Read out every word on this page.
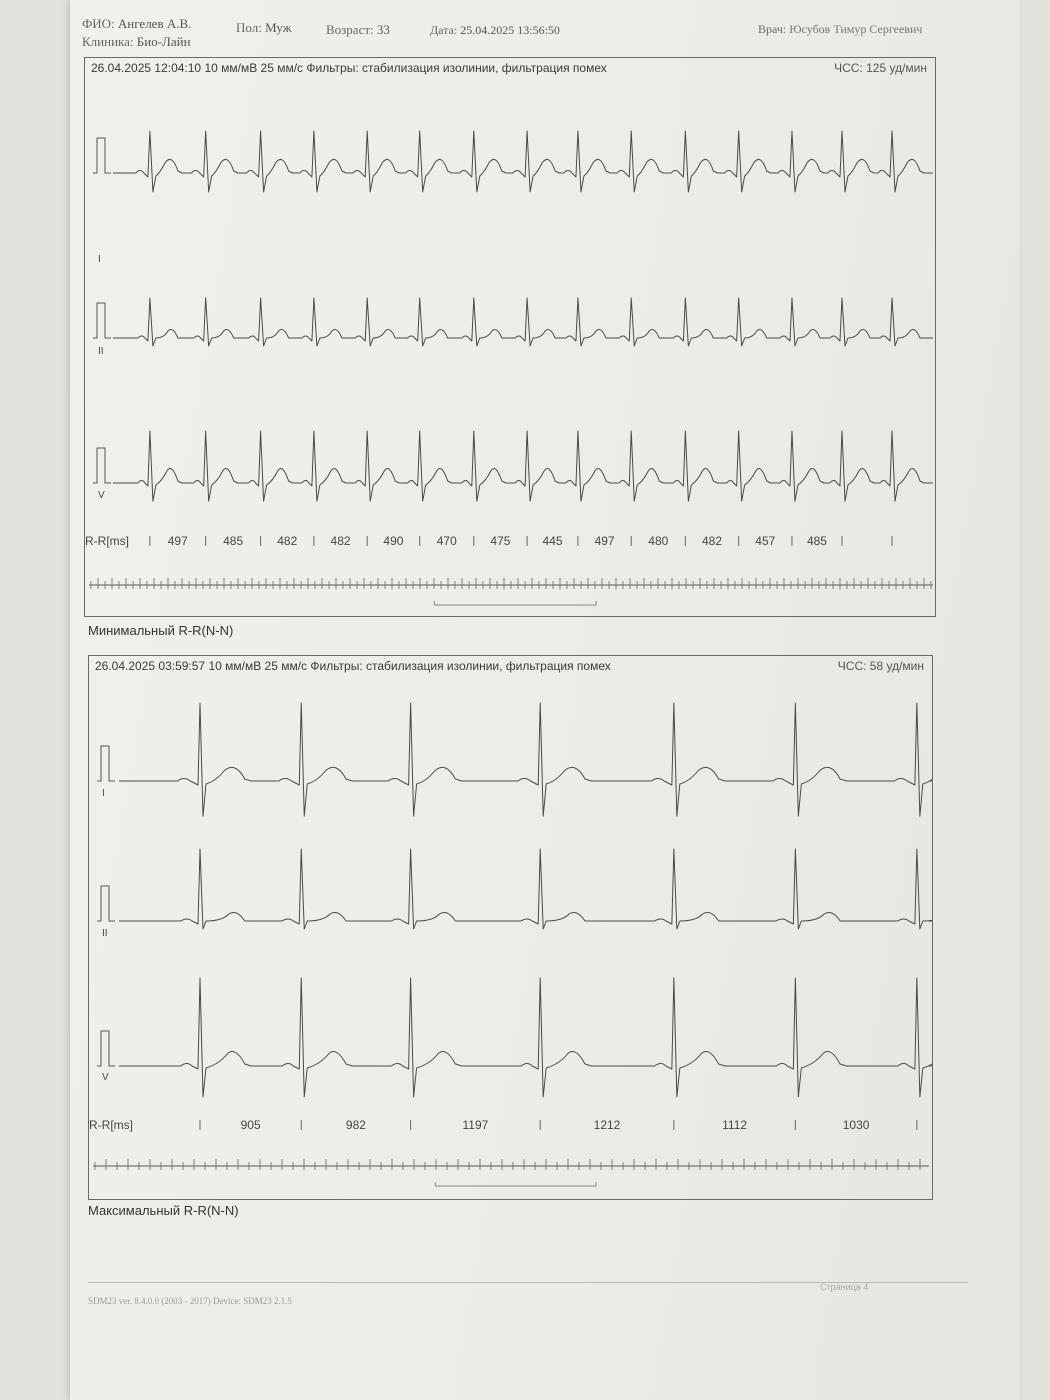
ФИО: Ангелев А.В.	Пол: Муж	Возраст: 33	Дата: 25.04.2025 13:56:50	Врач: Юсубов Тимур Сергеевич
Клиника: Био-Лайн
26.04.2025 12:04:10 10 мм/мВ 25 мм/с Фильтры: стабилизация изолинии, фильтрация помех	ЧСС: 125 уд/мин
I
II
V
R-R[ms]	497	485	482	482	490	470	475	445	497	480	482	457	485
Минимальный R-R(N-N)
26.04.2025 03:59:57 10 мм/мВ 25 мм/с Фильтры: стабилизация изолинии, фильтрация помех	ЧСС: 58 уд/мин
I
II
V
R-R[ms]	905	982	1197	1212	1112	1030
Максимальный R-R(N-N)
SDM23 ver. 8.4.0.0 (2003 - 2017) Device: SDM23 2.1.5
Страница 4
